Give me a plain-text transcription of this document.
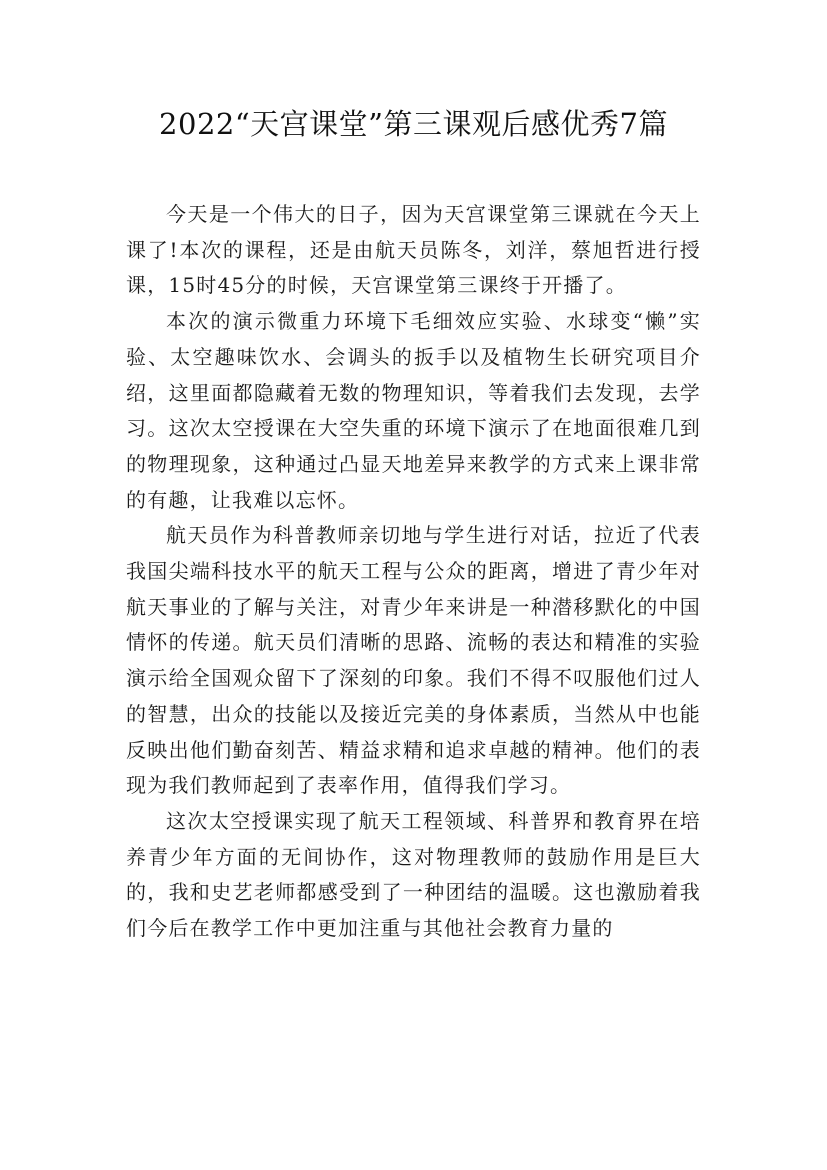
2022“天宫课堂”第三课观后感优秀7篇

今天是一个伟大的日子，因为天宫课堂第三课就在今天上课了!本次的课程，还是由航天员陈冬，刘洋，蔡旭哲进行授课，15时45分的时候，天宫课堂第三课终于开播了。

本次的演示微重力环境下毛细效应实验、水球变“懒”实验、太空趣味饮水、会调头的扳手以及植物生长研究项目介绍，这里面都隐藏着无数的物理知识，等着我们去发现，去学习。这次太空授课在大空失重的环境下演示了在地面很难几到的物理现象，这种通过凸显天地差异来教学的方式来上课非常的有趣，让我难以忘怀。

航天员作为科普教师亲切地与学生进行对话，拉近了代表我国尖端科技水平的航天工程与公众的距离，增进了青少年对航天事业的了解与关注，对青少年来讲是一种潜移默化的中国情怀的传递。航天员们清晰的思路、流畅的表达和精准的实验演示给全国观众留下了深刻的印象。我们不得不叹服他们过人的智慧，出众的技能以及接近完美的身体素质，当然从中也能反映出他们勤奋刻苦、精益求精和追求卓越的精神。他们的表现为我们教师起到了表率作用，值得我们学习。

这次太空授课实现了航天工程领域、科普界和教育界在培养青少年方面的无间协作，这对物理教师的鼓励作用是巨大的，我和史艺老师都感受到了一种团结的温暖。这也激励着我们今后在教学工作中更加注重与其他社会教育力量的
